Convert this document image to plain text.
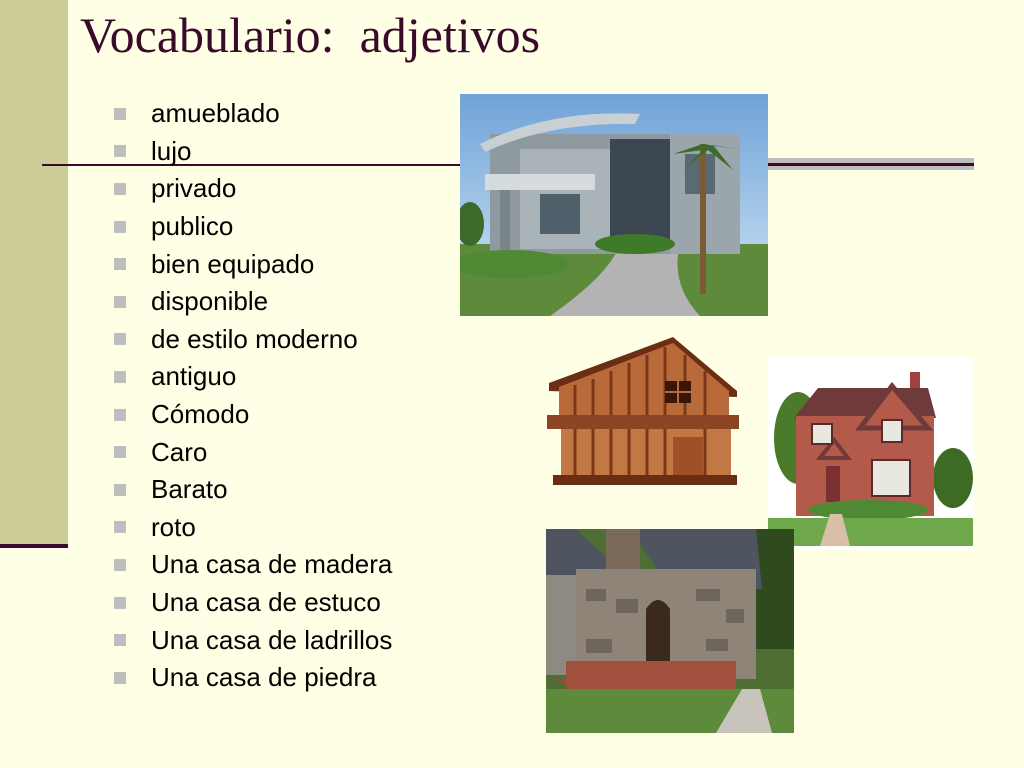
Vocabulario:  adjetivos
amueblado
lujo
privado
publico
bien equipado
disponible
de estilo moderno
antiguo
Cómodo
Caro
Barato
roto
Una casa de madera
Una casa de estuco
Una casa de ladrillos
Una casa de piedra
